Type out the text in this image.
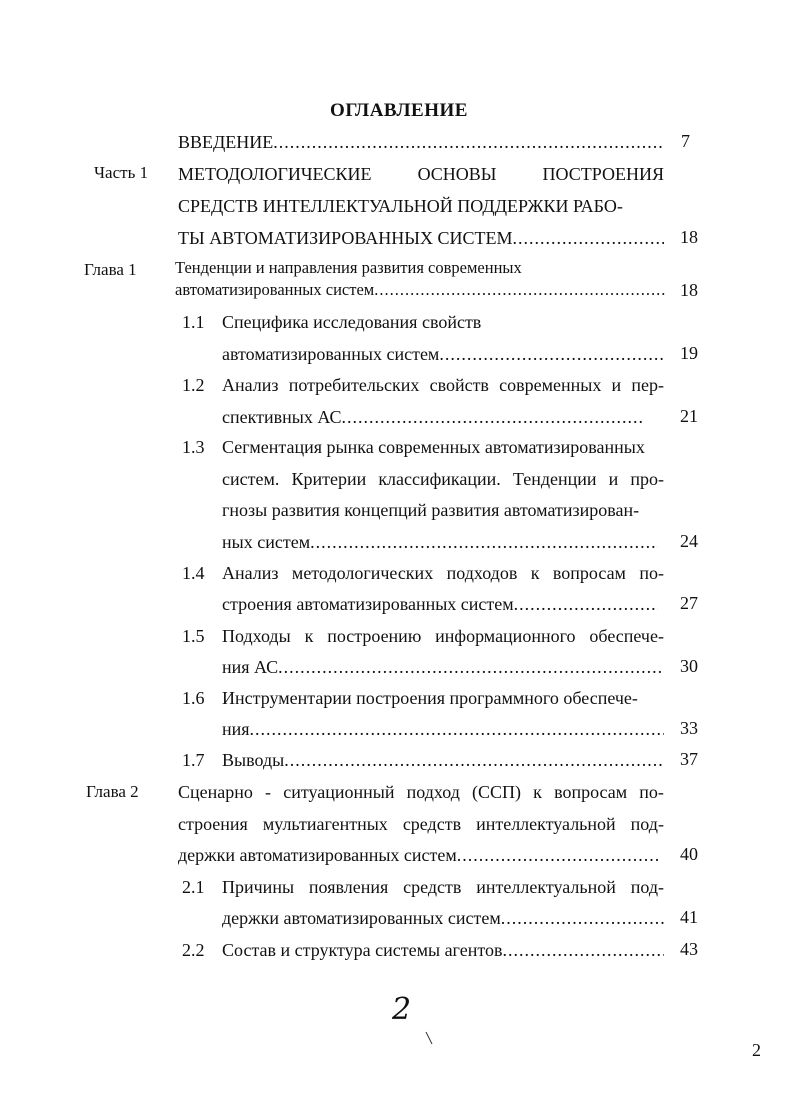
ОГЛАВЛЕНИЕ
ВВЕДЕНИЕ .....	7
Часть 1 МЕТОДОЛОГИЧЕСКИЕ	ОСНОВЫ	ПОСТРОЕНИЯ
СРЕДСТВ ИНТЕЛЛЕКТУАЛЬНОЙ ПОДДЕРЖКИ РАБО-
ТЫ АВТОМАТИЗИРОВАННЫХ СИСТЕМ .....	18
Глава 1 Тенденции и направления развития современных
автоматизированных систем .....	18
1.1 Специфика исследования свойств
автоматизированных систем .....	19
1.2 Анализ потребительских свойств современных и пер-
спективных АС .....	21
1.3 Сегментация рынка современных автоматизированных
систем. Критерии классификации. Тенденции и про-
гнозы развития концепций развития автоматизирован-
ных систем .....	24
1.4 Анализ методологических подходов к вопросам по-
строения автоматизированных систем .....	27
1.5 Подходы к построению информационного обеспече-
ния АС .....	30
1.6 Инструментарии построения программного обеспече-
ния .....	33
1.7 Выводы .....	37
Глава 2 Сценарно - ситуационный подход (ССП) к вопросам по-
строения мультиагентных средств интеллектуальной под-
держки автоматизированных систем .....	40
2.1 Причины появления средств интеллектуальной под-
держки автоматизированных систем .....	41
2.2 Состав и структура системы агентов .....	43
2
2
